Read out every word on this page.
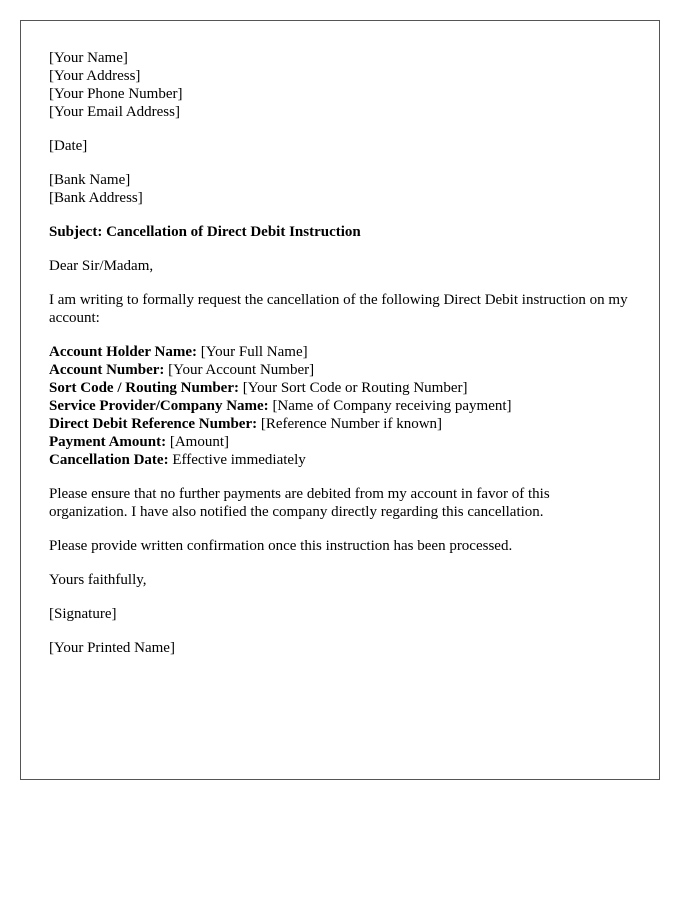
[Your Name]
[Your Address]
[Your Phone Number]
[Your Email Address]
[Date]
[Bank Name]
[Bank Address]

Subject: Cancellation of Direct Debit Instruction

Dear Sir/Madam,

I am writing to formally request the cancellation of the following Direct Debit instruction on my account:

Account Holder Name: [Your Full Name]
Account Number: [Your Account Number]
Sort Code / Routing Number: [Your Sort Code or Routing Number]
Service Provider/Company Name: [Name of Company receiving payment]
Direct Debit Reference Number: [Reference Number if known]
Payment Amount: [Amount]
Cancellation Date: Effective immediately

Please ensure that no further payments are debited from my account in favor of this organization. I have also notified the company directly regarding this cancellation.

Please provide written confirmation once this instruction has been processed.

Yours faithfully,

[Signature]

[Your Printed Name]
